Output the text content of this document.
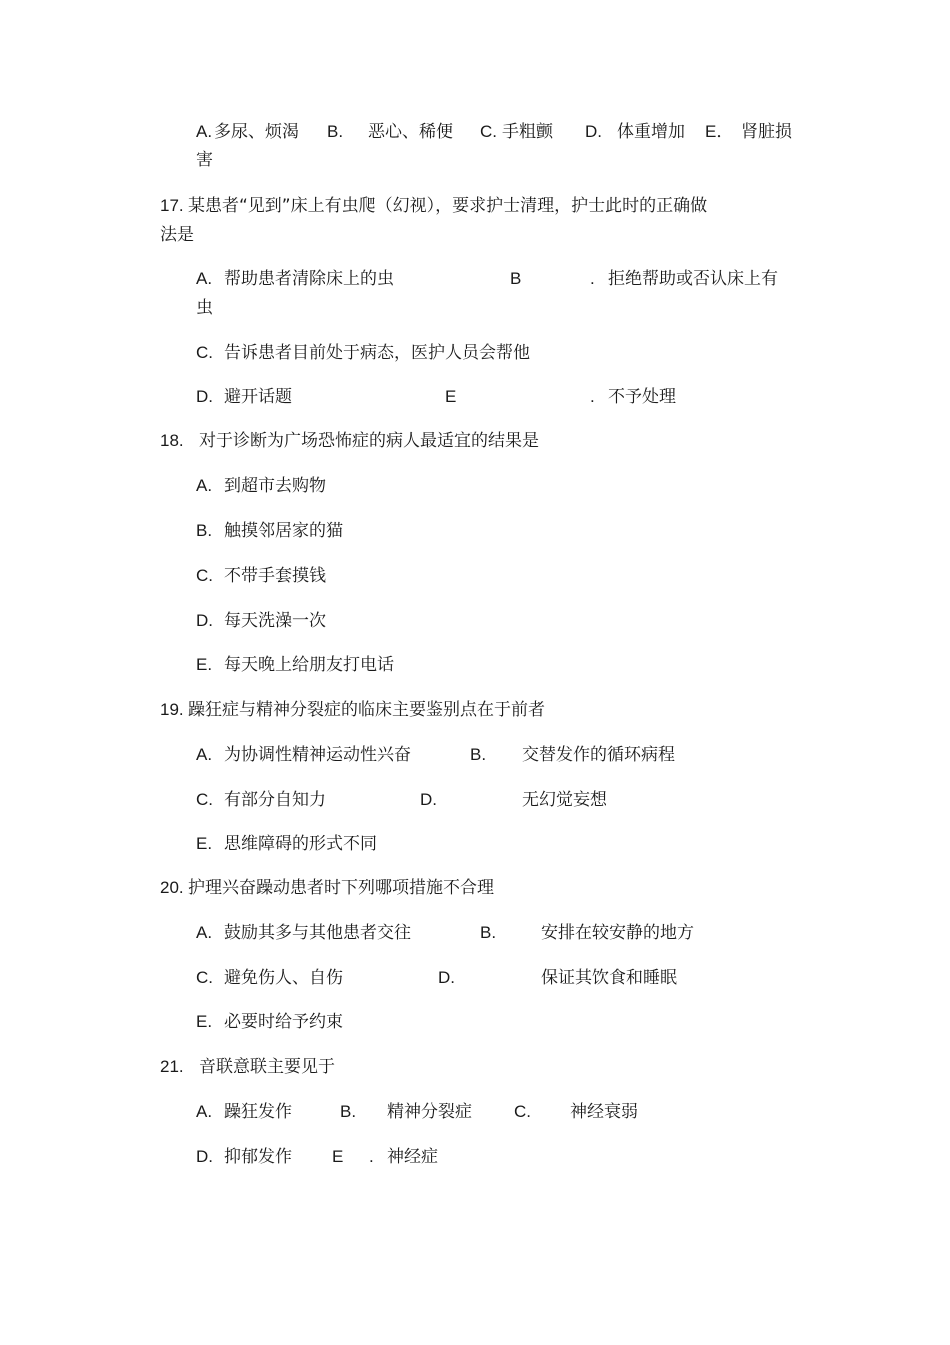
A. 多尿、烦渴 B. 恶心、稀便 C. 手粗颤 D. 体重增加 E． 肾脏损
害
17. 某患者“见到”床上有虫爬（幻视），要求护士清理，护士此时的正确做
法是
A. 帮助患者清除床上的虫	B	. 拒绝帮助或否认床上有
虫
C. 告诉患者目前处于病态，医护人员会帮他
D. 避开话题	E	. 不予处理
18. 对于诊断为广场恐怖症的病人最适宜的结果是
A. 到超市去购物
B. 触摸邻居家的猫
C. 不带手套摸钱
D. 每天洗澡一次
E. 每天晚上给朋友打电话
19. 躁狂症与精神分裂症的临床主要鉴别点在于前者
A. 为协调性精神运动性兴奋	B. 交替发作的循环病程
C. 有部分自知力	D.	无幻觉妄想
E. 思维障碍的形式不同
20. 护理兴奋躁动患者时下列哪项措施不合理
A. 鼓励其多与其他患者交往	B.	安排在较安静的地方
C. 避免伤人、自伤	D.	保证其饮食和睡眠
E. 必要时给予约束
21. 音联意联主要见于
A. 躁狂发作	B. 精神分裂症 C. 神经衰弱
D. 抑郁发作 E . 神经症
